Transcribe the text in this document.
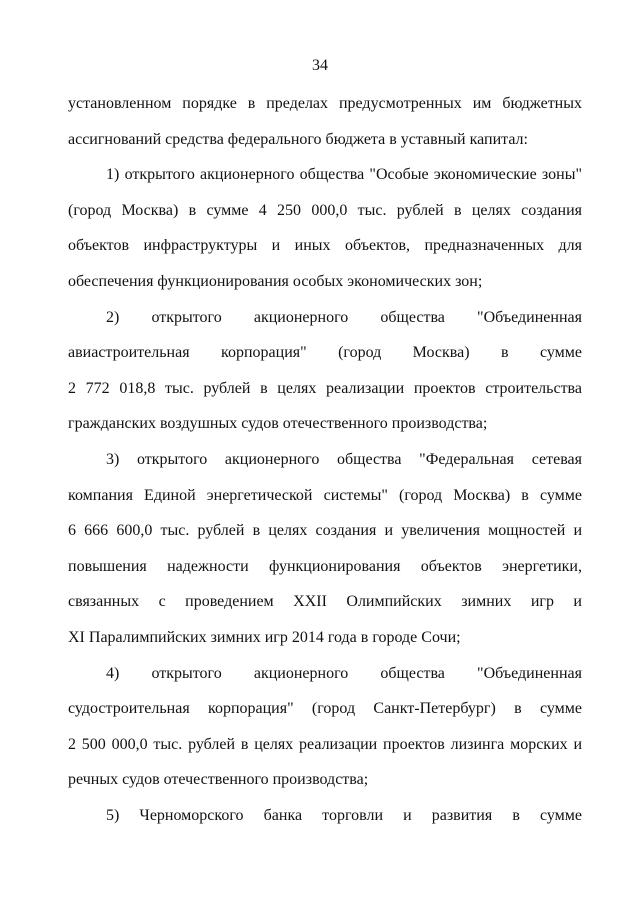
34
установленном порядке в пределах предусмотренных им бюджетных
ассигнований средства федерального бюджета в уставный капитал:
1) открытого акционерного общества "Особые экономические зоны"
(город Москва) в сумме 4 250 000,0 тыс. рублей в целях создания
объектов инфраструктуры и иных объектов, предназначенных для
обеспечения функционирования особых экономических зон;
2) открытого акционерного общества "Объединенная
авиастроительная корпорация" (город Москва) в сумме
2 772 018,8 тыс. рублей в целях реализации проектов строительства
гражданских воздушных судов отечественного производства;
3) открытого акционерного общества "Федеральная сетевая
компания Единой энергетической системы" (город Москва) в сумме
6 666 600,0 тыс. рублей в целях создания и увеличения мощностей и
повышения надежности функционирования объектов энергетики,
связанных с проведением XXII Олимпийских зимних игр и
XI Паралимпийских зимних игр 2014 года в городе Сочи;
4) открытого акционерного общества "Объединенная
судостроительная корпорация" (город Санкт-Петербург) в сумме
2 500 000,0 тыс. рублей в целях реализации проектов лизинга морских и
речных судов отечественного производства;
5) Черноморского банка торговли и развития в сумме
